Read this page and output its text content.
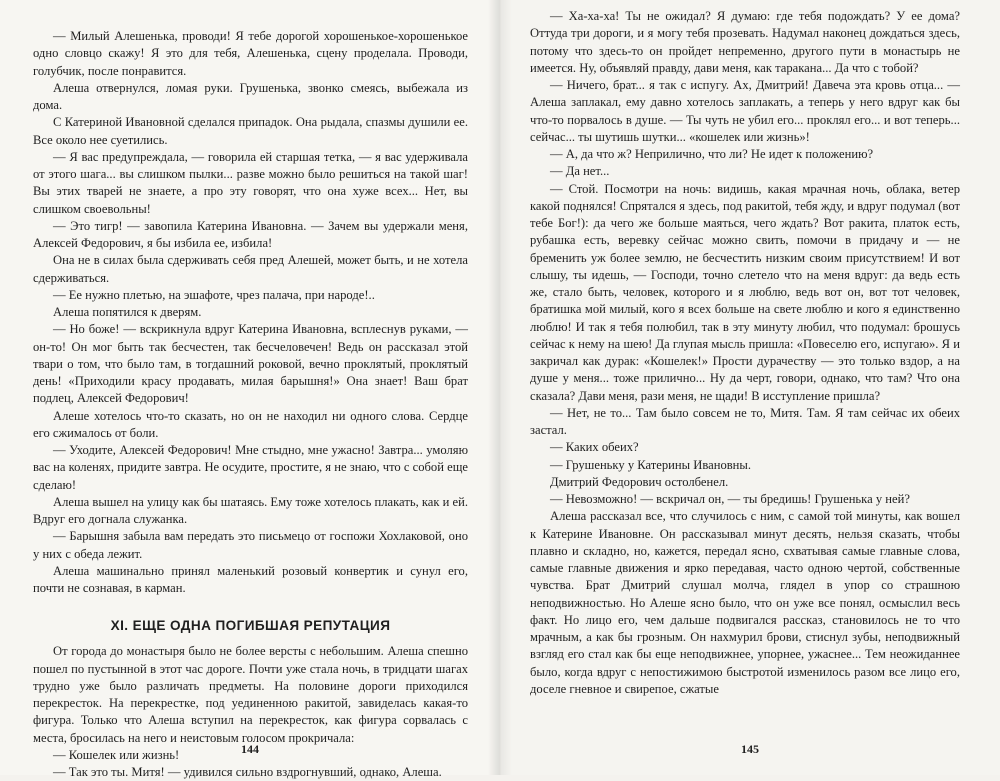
— Милый Алешенька, проводи! Я тебе дорогой хорошенькое-хорошенькое одно словцо скажу! Я это для тебя, Алешенька, сцену проделала. Проводи, голубчик, после понравится.

Алеша отвернулся, ломая руки. Грушенька, звонко смеясь, выбежала из дома.

С Катериной Ивановной сделался припадок. Она рыдала, спазмы душили ее. Все около нее суетились.

— Я вас предупреждала, — говорила ей старшая тетка, — я вас удерживала от этого шага... вы слишком пылки... разве можно было решиться на такой шаг! Вы этих тварей не знаете, а про эту говорят, что она хуже всех... Нет, вы слишком своевольны!

— Это тигр! — завопила Катерина Ивановна. — Зачем вы удержали меня, Алексей Федорович, я бы избила ее, избила!

Она не в силах была сдерживать себя пред Алешей, может быть, и не хотела сдерживаться.

— Ее нужно плетью, на эшафоте, чрез палача, при народе!..

Алеша попятился к дверям.

— Но боже! — вскрикнула вдруг Катерина Ивановна, всплеснув руками, — он-то! Он мог быть так бесчестен, так бесчеловечен! Ведь он рассказал этой твари о том, что было там, в тогдашний роковой, вечно проклятый, проклятый день! «Приходили красу продавать, милая барышня!» Она знает! Ваш брат подлец, Алексей Федорович!

Алеше хотелось что-то сказать, но он не находил ни одного слова. Сердце его сжималось от боли.

— Уходите, Алексей Федорович! Мне стыдно, мне ужасно! Завтра... умоляю вас на коленях, придите завтра. Не осудите, простите, я не знаю, что с собой еще сделаю!

Алеша вышел на улицу как бы шатаясь. Ему тоже хотелось плакать, как и ей. Вдруг его догнала служанка.

— Барышня забыла вам передать это письмецо от госпожи Хохлаковой, оно у них с обеда лежит.

Алеша машинально принял маленький розовый конвертик и сунул его, почти не сознавая, в карман.

XI. ЕЩЕ ОДНА ПОГИБШАЯ РЕПУТАЦИЯ

От города до монастыря было не более версты с небольшим. Алеша спешно пошел по пустынной в этот час дороге. Почти уже стала ночь, в тридцати шагах трудно уже было различать предметы. На половине дороги приходился перекресток. На перекрестке, под уединенною ракитой, завиделась какая-то фигура. Только что Алеша вступил на перекресток, как фигура сорвалась с места, бросилась на него и неистовым голосом прокричала:

— Кошелек или жизнь!

— Так это ты. Митя! — удивился сильно вздрогнувший, однако, Алеша.

144

— Ха-ха-ха! Ты не ожидал? Я думаю: где тебя подождать? У ее дома? Оттуда три дороги, и я могу тебя прозевать. Надумал наконец дождаться здесь, потому что здесь-то он пройдет непременно, другого пути в монастырь не имеется. Ну, объявляй правду, дави меня, как таракана... Да что с тобой?

— Ничего, брат... я так с испугу. Ах, Дмитрий! Давеча эта кровь отца... — Алеша заплакал, ему давно хотелось заплакать, а теперь у него вдруг как бы что-то порвалось в душе. — Ты чуть не убил его... проклял его... и вот теперь... сейчас... ты шутишь шутки... «кошелек или жизнь»!

— А, да что ж? Неприлично, что ли? Не идет к положению?

— Да нет...

— Стой. Посмотри на ночь: видишь, какая мрачная ночь, облака, ветер какой поднялся! Спрятался я здесь, под ракитой, тебя жду, и вдруг подумал (вот тебе Бог!): да чего же больше маяться, чего ждать? Вот ракита, платок есть, рубашка есть, веревку сейчас можно свить, помочи в придачу и — не бременить уж более землю, не бесчестить низким своим присутствием! И вот слышу, ты идешь, — Господи, точно слетело что на меня вдруг: да ведь есть же, стало быть, человек, которого и я люблю, ведь вот он, вот тот человек, братишка мой милый, кого я всех больше на свете люблю и кого я единственно люблю! И так я тебя полюбил, так в эту минуту любил, что подумал: брошусь сейчас к нему на шею! Да глупая мысль пришла: «Повеселю его, испугаю». Я и закричал как дурак: «Кошелек!» Прости дурачеству — это только вздор, а на душе у меня... тоже прилично... Ну да черт, говори, однако, что там? Что она сказала? Дави меня, рази меня, не щади! В исступление пришла?

— Нет, не то... Там было совсем не то, Митя. Там. Я там сейчас их обеих застал.

— Каких обеих?

— Грушеньку у Катерины Ивановны.

Дмитрий Федорович остолбенел.

— Невозможно! — вскричал он, — ты бредишь! Грушенька у ней?

Алеша рассказал все, что случилось с ним, с самой той минуты, как вошел к Катерине Ивановне. Он рассказывал минут десять, нельзя сказать, чтобы плавно и складно, но, кажется, передал ясно, схватывая самые главные слова, самые главные движения и ярко передавая, часто одною чертой, собственные чувства. Брат Дмитрий слушал молча, глядел в упор со страшною неподвижностью. Но Алеше ясно было, что он уже все понял, осмыслил весь факт. Но лицо его, чем дальше подвигался рассказ, становилось не то что мрачным, а как бы грозным. Он нахмурил брови, стиснул зубы, неподвижный взгляд его стал как бы еще неподвижнее, упорнее, ужаснее... Тем неожиданнее было, когда вдруг с непостижимою быстротой изменилось разом все лицо его, доселе гневное и свирепое, сжатые

145
